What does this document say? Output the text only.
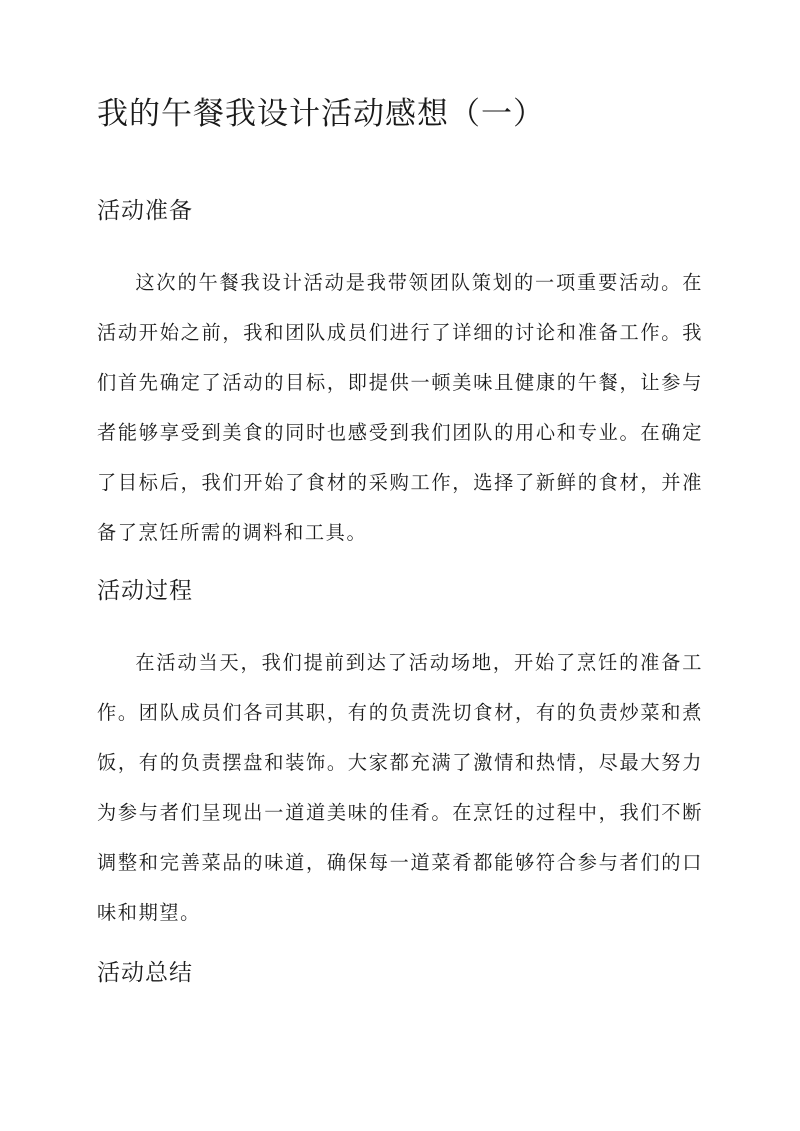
我的午餐我设计活动感想（一）
活动准备

这次的午餐我设计活动是我带领团队策划的一项重要活动。在活动开始之前，我和团队成员们进行了详细的讨论和准备工作。我们首先确定了活动的目标，即提供一顿美味且健康的午餐，让参与者能够享受到美食的同时也感受到我们团队的用心和专业。在确定了目标后，我们开始了食材的采购工作，选择了新鲜的食材，并准备了烹饪所需的调料和工具。

活动过程

在活动当天，我们提前到达了活动场地，开始了烹饪的准备工作。团队成员们各司其职，有的负责洗切食材，有的负责炒菜和煮饭，有的负责摆盘和装饰。大家都充满了激情和热情，尽最大努力为参与者们呈现出一道道美味的佳肴。在烹饪的过程中，我们不断调整和完善菜品的味道，确保每一道菜肴都能够符合参与者们的口味和期望。

活动总结
